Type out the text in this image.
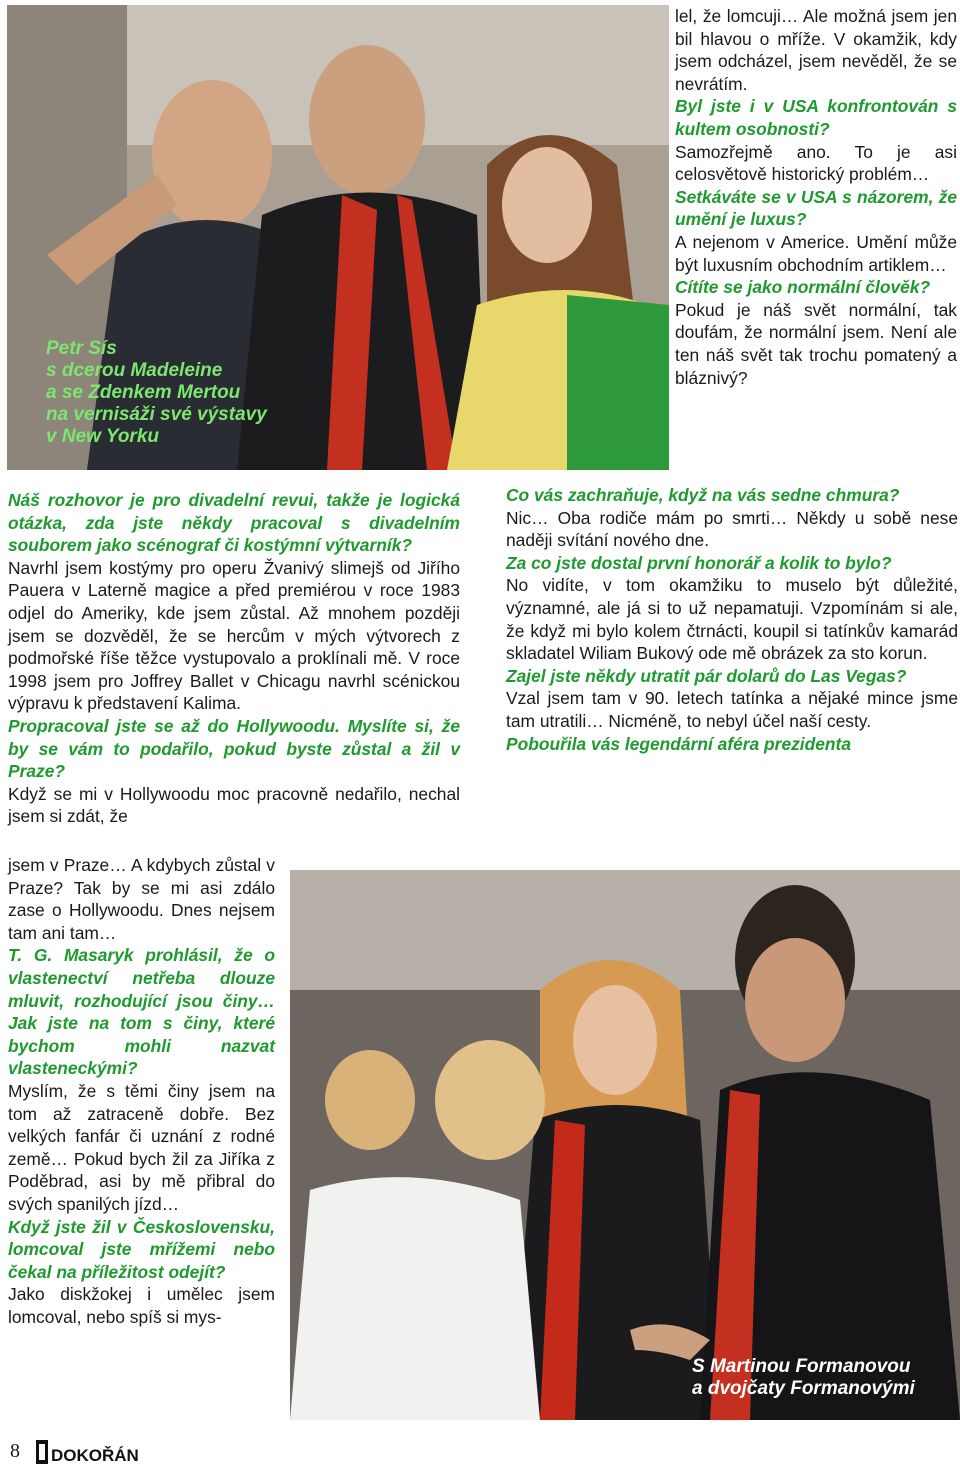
Petr Sís
s dcerou Madeleine
a se Zdenkem Mertou
na vernisáži své výstavy
v New Yorku
S Martinou Formanovou
a dvojčaty Formanovými

Náš rozhovor je pro divadelní revui, takže je logická otázka, zda jste někdy pracoval s divadelním souborem jako scénograf či kostýmní výtvarník?

Navrhl jsem kostýmy pro operu Žvanivý slimejš od Jiřího Pauera v Laterně magice a před premiérou v roce 1983 odjel do Ameriky, kde jsem zůstal. Až mnohem později jsem se dozvěděl, že se hercům v mých výtvorech z podmořské říše těžce vystupovalo a proklínali mě. V roce 1998 jsem pro Joffrey Ballet v Chicagu navrhl scénickou výpravu k představení Kalima.

Propracoval jste se až do Hollywoodu. Myslíte si, že by se vám to podařilo, pokud byste zůstal a žil v Praze?

Když se mi v Hollywoodu moc pracovně nedařilo, nechal jsem si zdát, že

jsem v Praze… A kdybych zůstal v Praze? Tak by se mi asi zdálo zase o Hollywoodu. Dnes nejsem tam ani tam…

T. G. Masaryk prohlásil, že o vlastenectví netřeba dlouze mluvit, rozhodující jsou činy… Jak jste na tom s činy, které bychom mohli nazvat vlasteneckými?

Myslím, že s těmi činy jsem na tom až zatraceně dobře. Bez velkých fanfár či uznání z rodné země… Pokud bych žil za Jiříka z Poděbrad, asi by mě přibral do svých spanilých jízd…

Když jste žil v Československu, lomcoval jste mřížemi nebo čekal na příležitost odejít?

Jako diskžokej i umělec jsem lomcoval, nebo spíš si mys-

lel, že lomcuji… Ale možná jsem jen bil hlavou o mříže. V okamžik, kdy jsem odcházel, jsem nevěděl, že se nevrátím.

Byl jste i v USA konfrontován s kultem osobnosti?

Samozřejmě ano. To je asi celosvětově historický problém…

Setkáváte se v USA s názorem, že umění je luxus?

A nejenom v Americe. Umění může být luxusním obchodním artiklem…

Cítíte se jako normální člověk?

Pokud je náš svět normální, tak doufám, že normální jsem. Není ale ten náš svět tak trochu pomatený a bláznivý?

Co vás zachraňuje, když na vás sedne chmura?

Nic… Oba rodiče mám po smrti… Někdy u sobě nese naději svítání nového dne.

Za co jste dostal první honorář a kolik to bylo?

No vidíte, v tom okamžiku to muselo být důležité, významné, ale já si to už nepamatuji. Vzpomínám si ale, že když mi bylo kolem čtrnácti, koupil si tatínkův kamarád skladatel Wiliam Bukový ode mě obrázek za sto korun.

Zajel jste někdy utratit pár dolarů do Las Vegas?

Vzal jsem tam v 90. letech tatínka a nějaké mince jsme tam utratili… Nicméně, to nebyl účel naší cesty.

Pobouřila vás legendární aféra prezidenta

8 DOKOŘÁN
